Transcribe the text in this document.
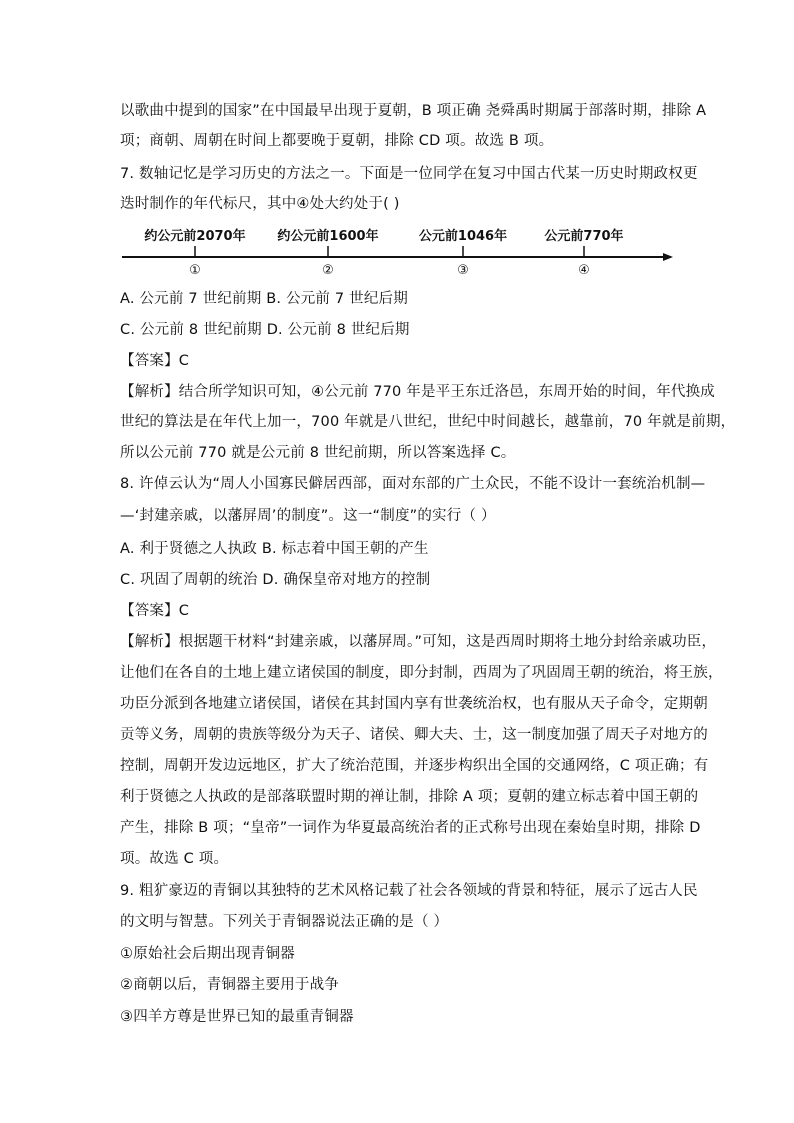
以歌曲中提到的国家”在中国最早出现于夏朝，B 项正确 尧舜禹时期属于部落时期，排除 A
项；商朝、周朝在时间上都要晚于夏朝，排除 CD 项。故选 B 项。
7. 数轴记忆是学习历史的方法之一。下面是一位同学在复习中国古代某一历史时期政权更
迭时制作的年代标尺，其中④处大约处于( )
约公元前2070年 约公元前1600年	公元前1046年	公元前770年
①	②	③	④
A. 公元前 7 世纪前期 B. 公元前 7 世纪后期
C. 公元前 8 世纪前期 D. 公元前 8 世纪后期
【答案】C
【解析】结合所学知识可知，④公元前 770 年是平王东迁洛邑，东周开始的时间，年代换成
世纪的算法是在年代上加一，700 年就是八世纪，世纪中时间越长，越靠前，70 年就是前期，
所以公元前 770 就是公元前 8 世纪前期，所以答案选择 C。
8. 许倬云认为“周人小国寡民僻居西部，面对东部的广土众民，不能不设计一套统治机制—
—‘封建亲戚，以藩屏周’的制度”。这一“制度”的实行（ ）
A. 利于贤德之人执政 B. 标志着中国王朝的产生
C. 巩固了周朝的统治 D. 确保皇帝对地方的控制
【答案】C
【解析】根据题干材料“封建亲戚，以藩屏周。”可知，这是西周时期将土地分封给亲戚功臣，
让他们在各自的土地上建立诸侯国的制度，即分封制，西周为了巩固周王朝的统治，将王族，
功臣分派到各地建立诸侯国，诸侯在其封国内享有世袭统治权，也有服从天子命令，定期朝
贡等义务，周朝的贵族等级分为天子、诸侯、卿大夫、士，这一制度加强了周天子对地方的
控制，周朝开发边远地区，扩大了统治范围，并逐步构织出全国的交通网络，C 项正确；有
利于贤德之人执政的是部落联盟时期的禅让制，排除 A 项；夏朝的建立标志着中国王朝的
产生，排除 B 项；“皇帝”一词作为华夏最高统治者的正式称号出现在秦始皇时期，排除 D
项。故选 C 项。
9. 粗犷豪迈的青铜以其独特的艺术风格记载了社会各领域的背景和特征，展示了远古人民
的文明与智慧。下列关于青铜器说法正确的是（ ）
①原始社会后期出现青铜器
②商朝以后，青铜器主要用于战争
③四羊方尊是世界已知的最重青铜器
